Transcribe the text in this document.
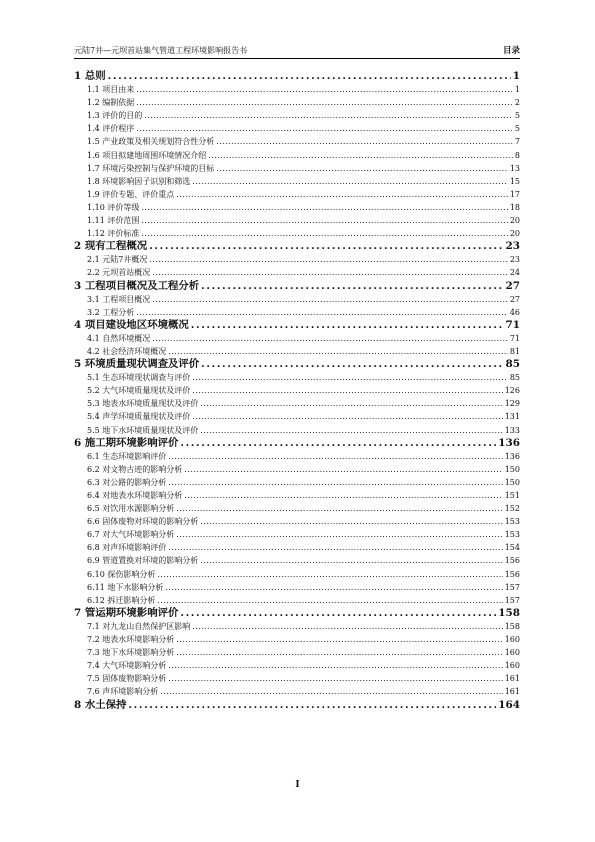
元陆7井—元坝首站集气管道工程环境影响报告书	目录
1 总则 .....	1
1.1 项目由来 .....	1
1.2 编制依据 .....	2
1.3 评价的目的 .....	5
1.4 评价程序 .....	5
1.5 产业政策及相关规划符合性分析 .....	7
1.6 项目拟建地周围环境情况介绍 .....	8
1.7 环境污染控制与保护环境的目标 .....	13
1.8 环境影响因子识别和筛选 .....	15
1.9 评价专题、评价重点 .....	17
1.10 评价等级 .....	18
1.11 评价范围 .....	20
1.12 评价标准 .....	20
2 现有工程概况 .....	23
2.1 元陆7井概况 .....	23
2.2 元坝首站概况 .....	24
3 工程项目概况及工程分析 .....	27
3.1 工程项目概况 .....	27
3.2 工程分析 .....	46
4 项目建设地区环境概况 .....	71
4.1 自然环境概况 .....	71
4.2 社会经济环境概况 .....	81
5 环境质量现状调查及评价 .....	85
5.1 生态环境现状调查与评价 .....	85
5.2 大气环境质量现状及评价 .....	126
5.3 地表水环境质量现状及评价 .....	129
5.4 声学环境质量现状及评价 .....	131
5.5 地下水环境质量现状及评价 .....	133
6 施工期环境影响评价 .....	136
6.1 生态环境影响评价 .....	136
6.2 对文物古迹的影响分析 .....	150
6.3 对公路的影响分析 .....	150
6.4 对地表水环境影响分析 .....	151
6.5 对饮用水源影响分析 .....	152
6.6 固体废物对环境的影响分析 .....	153
6.7 对大气环境影响分析 .....	153
6.8 对声环境影响评价 .....	154
6.9 管道置换对环境的影响分析 .....	156
6.10 探伤影响分析 .....	156
6.11 地下水影响分析 .....	157
6.12 拆迁影响分析 .....	157
7 管运期环境影响评价 .....	158
7.1 对九龙山自然保护区影响 .....	158
7.2 地表水环境影响分析 .....	160
7.3 地下水环境影响分析 .....	160
7.4 大气环境影响分析 .....	160
7.5 固体废物影响分析 .....	161
7.6 声环境影响分析 .....	161
8 水土保持 .....	164
I
